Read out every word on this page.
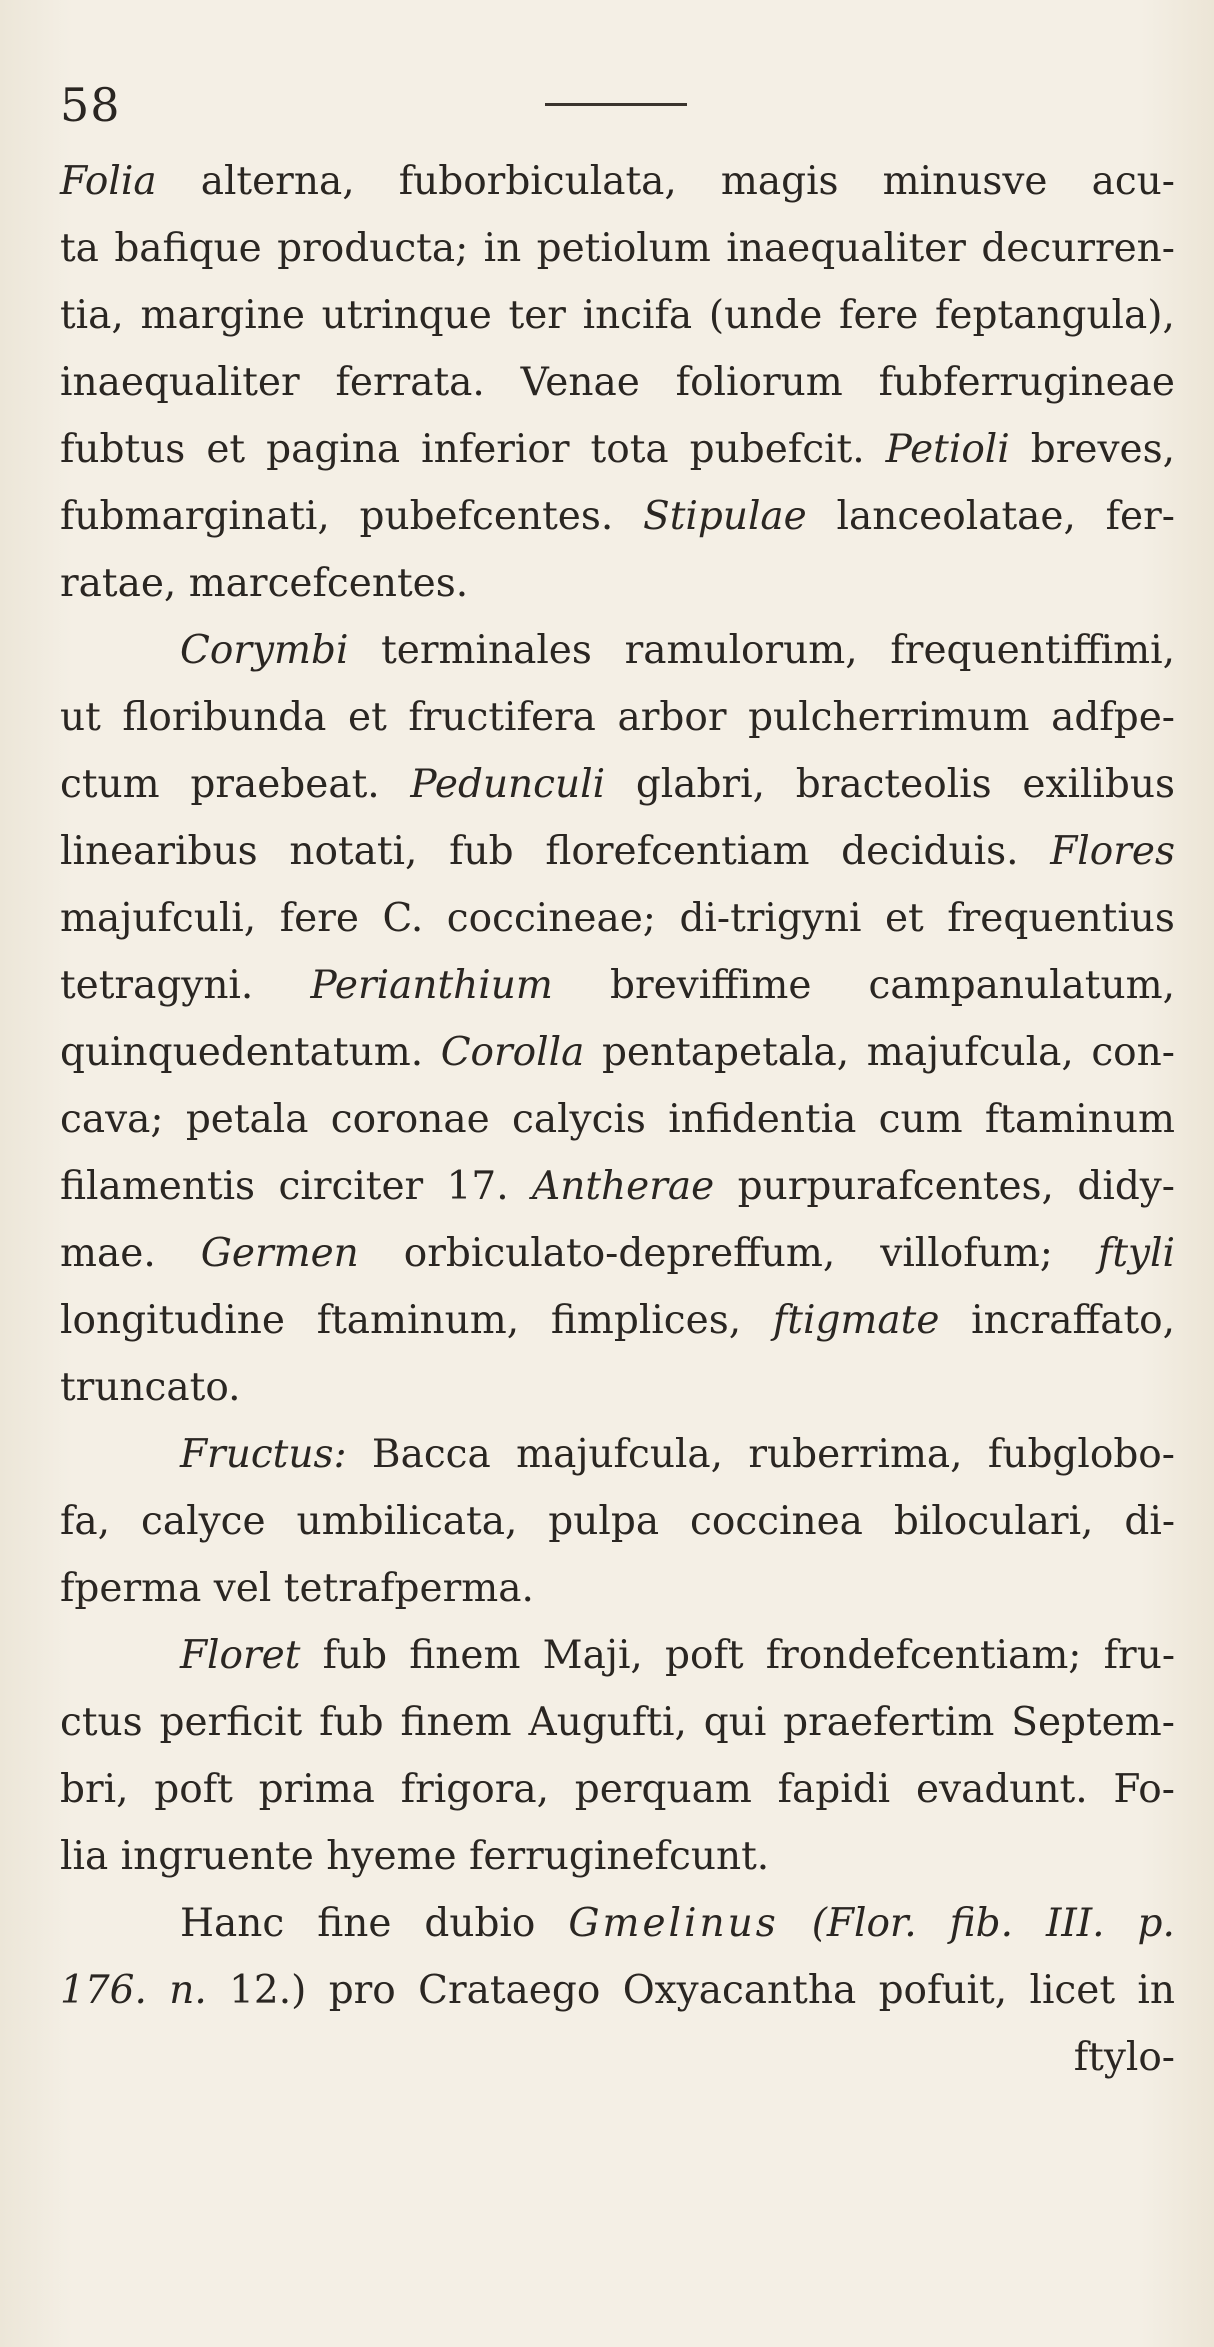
58
Folia alterna, fuborbiculata, magis minusve acu-
ta bafique producta; in petiolum inaequaliter decurren-
tia, margine utrinque ter incifa (unde fere feptangula),
inaequaliter ferrata. Venae foliorum fubferrugineae
fubtus et pagina inferior tota pubefcit. Petioli breves,
fubmarginati, pubefcentes. Stipulae lanceolatae, fer-
ratae,
marcefcentes.
Corymbi terminales ramulorum, frequentiffimi,
ut floribunda et fructifera arbor pulcherrimum adfpe-
ctum praebeat. Pedunculi glabri, bracteolis exilibus
linearibus notati, fub florefcentiam deciduis. Flores
majufculi, fere C. coccineae; di-trigyni et frequentius
tetragyni. Perianthium breviffime campanulatum,
quinquedentatum. Corolla pentapetala, majufcula, con-
cava; petala coronae calycis infidentia cum ftaminum
filamentis circiter 17. Antherae purpurafcentes, didy-
mae. Germen orbiculato-depreffum, villofum; ftyli
longitudine ftaminum, fimplices, ftigmate incraffato,
truncato.
Fructus: Bacca majufcula, ruberrima, fubglobo-
fa, calyce umbilicata, pulpa coccinea biloculari, di-
fperma
vel
tetrafperma.
Floret fub finem Maji, poft frondefcentiam; fru-
ctus perficit fub finem Augufti, qui praefertim Septem-
bri, poft prima frigora, perquam fapidi evadunt. Fo-
lia
ingruente
hyeme
ferruginefcunt.
Hanc fine dubio Gmelinus (Flor. fib. III. p.
176. n. 12.) pro Crataego Oxyacantha pofuit, licet in
ftylo-
